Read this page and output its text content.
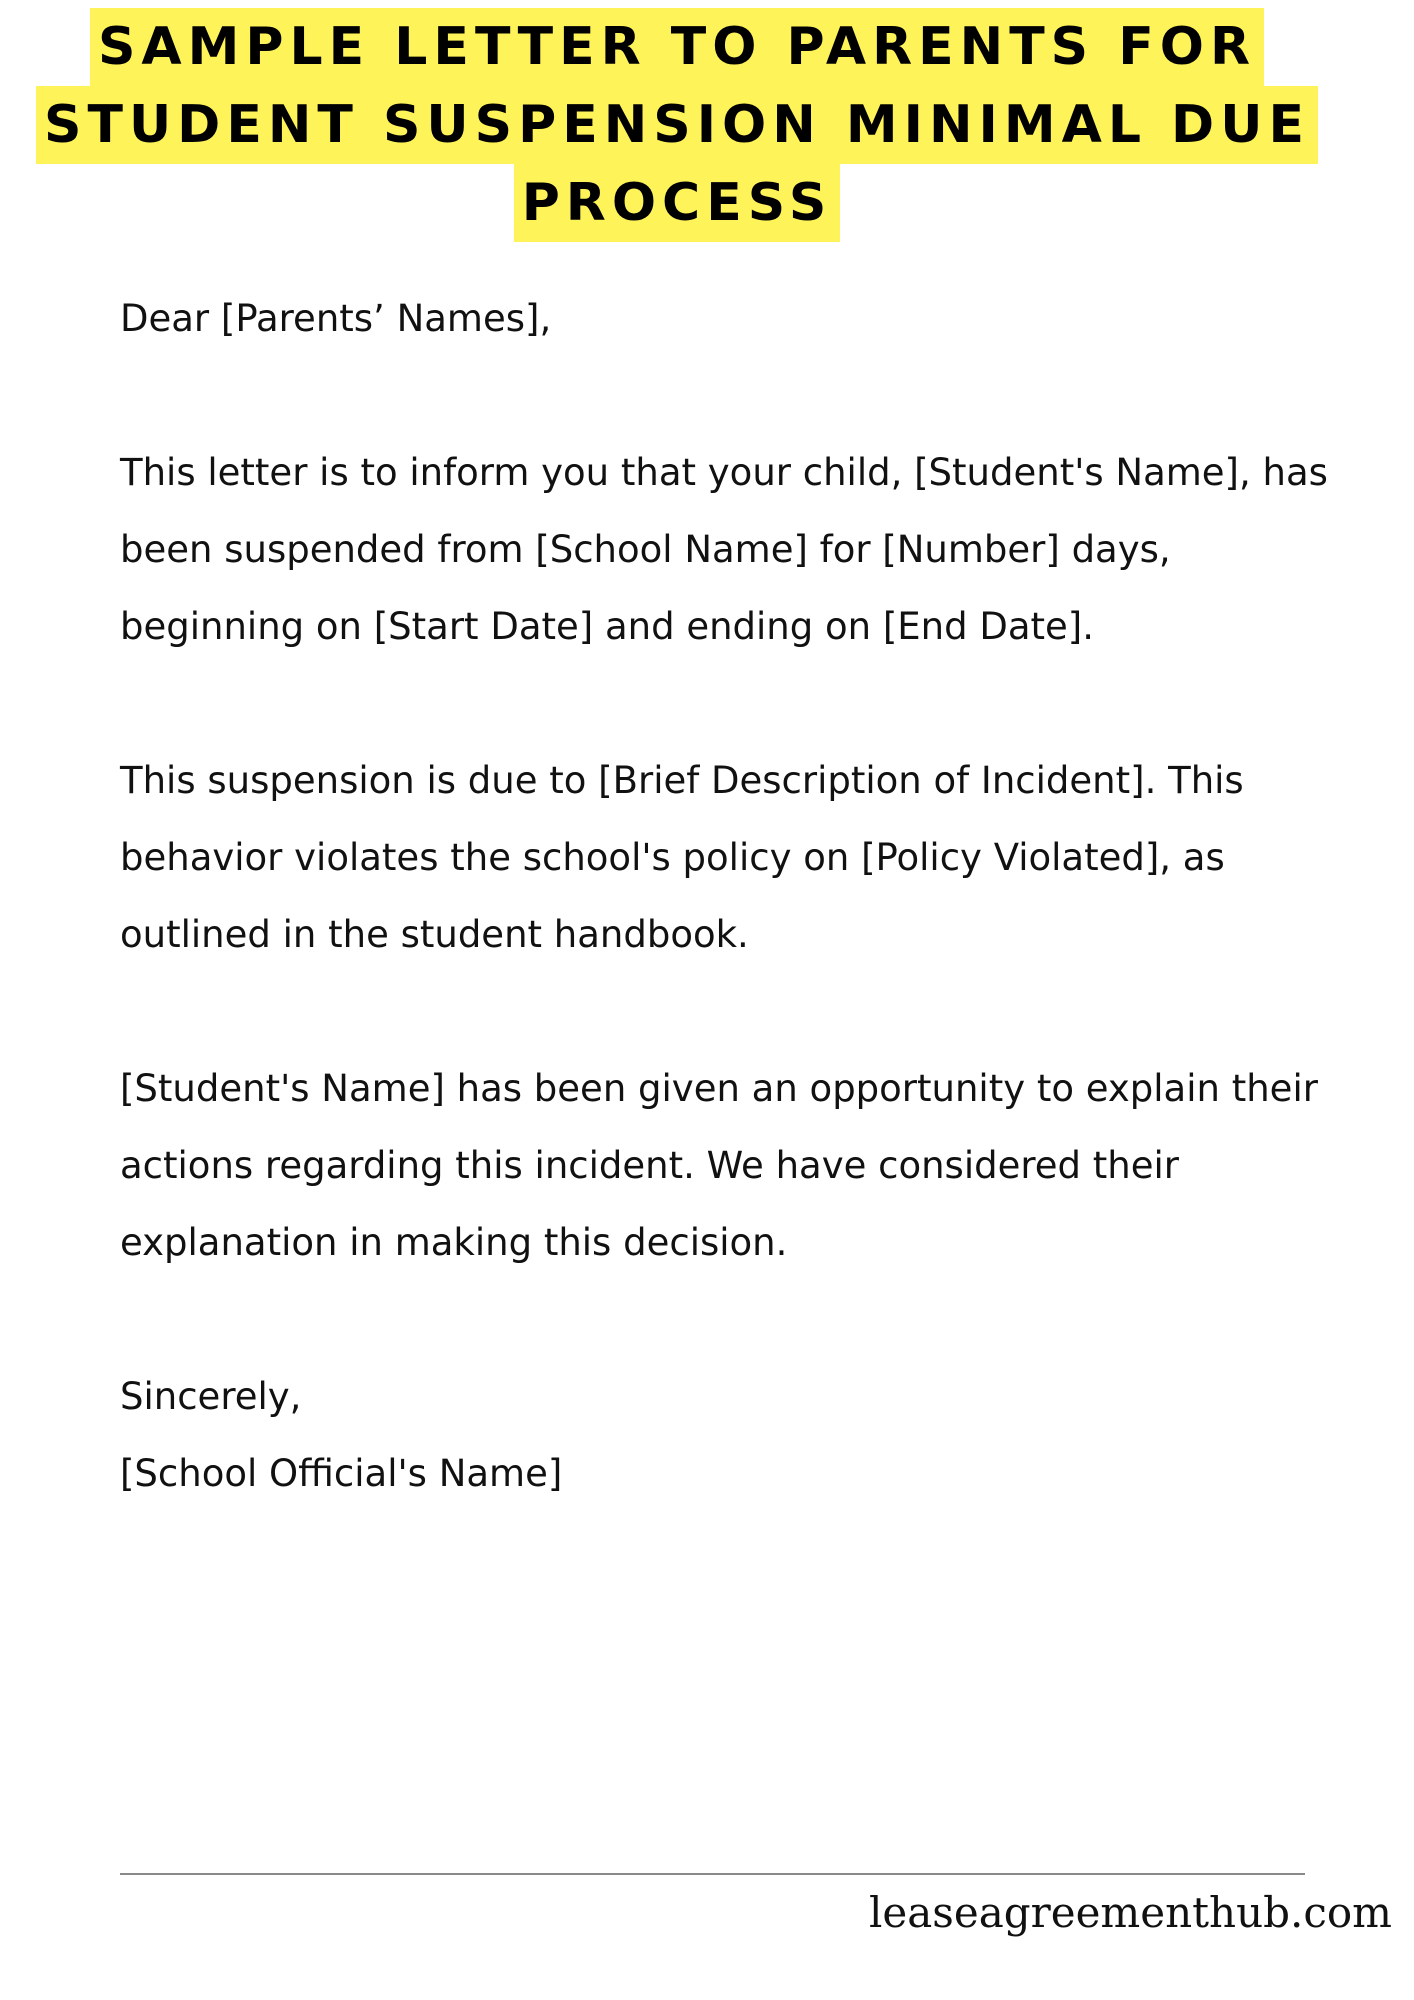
SAMPLE LETTER TO PARENTS FOR
STUDENT SUSPENSION MINIMAL DUE
PROCESS

Dear [Parents’ Names],

This letter is to inform you that your child, [Student's Name], has been suspended from [School Name] for [Number] days, beginning on [Start Date] and ending on [End Date].

This suspension is due to [Brief Description of Incident]. This behavior violates the school's policy on [Policy Violated], as outlined in the student handbook.

[Student's Name] has been given an opportunity to explain their actions regarding this incident. We have considered their explanation in making this decision.

Sincerely,
[School Official's Name]
leaseagreementhub.com
